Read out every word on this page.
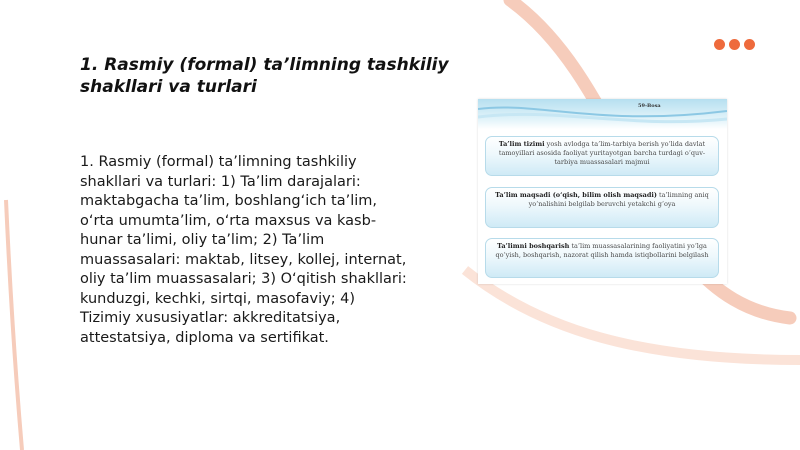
1. Rasmiy (formal) ta’limning tashkiliy shakllari va turlari
1. Rasmiy (formal) ta’limning tashkiliy shakllari va turlari: 1) Ta’lim darajalari: maktabgacha ta’lim, boshlang‘ich ta’lim, o‘rta umumta’lim, o‘rta maxsus va kasb-hunar ta’limi, oliy ta’lim; 2) Ta’lim muassasalari: maktab, litsey, kollej, internat, oliy ta’lim muassasalari; 3) O‘qitish shakllari: kunduzgi, kechki, sirtqi, masofaviy; 4) Tizimiy xususiyatlar: akkreditatsiya, attestatsiya, diploma va sertifikat.
59-Bosa
Ta’lim tizimi yosh avlodga ta’lim-tarbiya berish yo‘lida davlat tamoyillari asosida faoliyat yuritayotgan barcha turdagi o‘quv-tarbiya muassasalari majmui
Ta’lim maqsadi (o‘qish, bilim olish maqsadi) ta’limning aniq yo‘nalishini belgilab beruvchi yetakchi g‘oya
Ta’limni boshqarish ta’lim muassasalarining faoliyatini yo‘lga qo‘yish, boshqarish, nazorat qilish hamda istiqbollarini belgilash
